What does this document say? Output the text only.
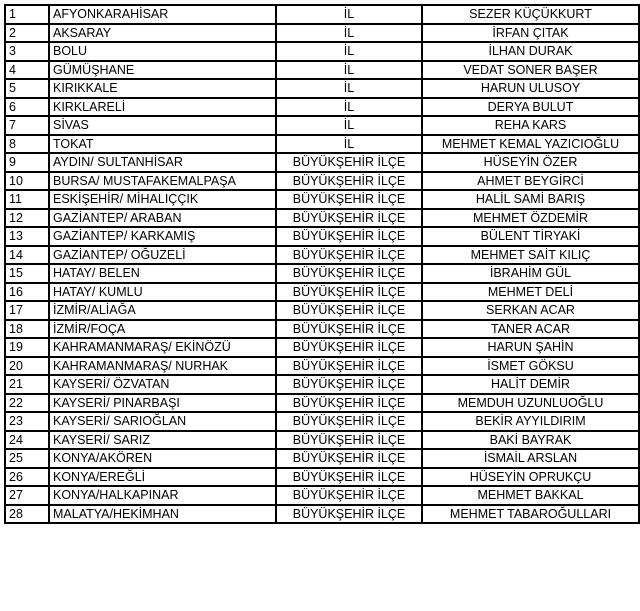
1	AFYONKARAHİSAR	İL	SEZER KÜÇÜKKURT
2	AKSARAY	İL	İRFAN ÇITAK
3	BOLU	İL	İLHAN DURAK
4	GÜMÜŞHANE	İL	VEDAT SONER BAŞER
5	KIRIKKALE	İL	HARUN ULUSOY
6	KIRKLARELİ	İL	DERYA BULUT
7	SİVAS	İL	REHA KARS
8	TOKAT	İL	MEHMET KEMAL YAZICIOĞLU
9	AYDIN/ SULTANHİSAR	BÜYÜKŞEHİR İLÇE	HÜSEYİN ÖZER
10	BURSA/ MUSTAFAKEMALPAŞA	BÜYÜKŞEHİR İLÇE	AHMET BEYGİRCİ
11	ESKİŞEHİR/ MİHALIÇÇIK	BÜYÜKŞEHİR İLÇE	HALİL SAMİ BARIŞ
12	GAZİANTEP/ ARABAN	BÜYÜKŞEHİR İLÇE	MEHMET ÖZDEMİR
13	GAZİANTEP/ KARKAMIŞ	BÜYÜKŞEHİR İLÇE	BÜLENT TİRYAKİ
14	GAZİANTEP/ OĞUZELİ	BÜYÜKŞEHİR İLÇE	MEHMET SAİT KILIÇ
15	HATAY/ BELEN	BÜYÜKŞEHİR İLÇE	İBRAHİM GÜL
16	HATAY/ KUMLU	BÜYÜKŞEHİR İLÇE	MEHMET DELİ
17	İZMİR/ALİAĞA	BÜYÜKŞEHİR İLÇE	SERKAN ACAR
18	İZMİR/FOÇA	BÜYÜKŞEHİR İLÇE	TANER ACAR
19	KAHRAMANMARAŞ/ EKİNÖZÜ	BÜYÜKŞEHİR İLÇE	HARUN ŞAHİN
20	KAHRAMANMARAŞ/ NURHAK	BÜYÜKŞEHİR İLÇE	İSMET GÖKSU
21	KAYSERİ/ ÖZVATAN	BÜYÜKŞEHİR İLÇE	HALİT DEMİR
22	KAYSERİ/ PINARBAŞI	BÜYÜKŞEHİR İLÇE	MEMDUH UZUNLUOĞLU
23	KAYSERİ/ SARIOĞLAN	BÜYÜKŞEHİR İLÇE	BEKİR AYYILDIRIM
24	KAYSERİ/ SARIZ	BÜYÜKŞEHİR İLÇE	BAKİ BAYRAK
25	KONYA/AKÖREN	BÜYÜKŞEHİR İLÇE	İSMAİL ARSLAN
26	KONYA/EREĞLİ	BÜYÜKŞEHİR İLÇE	HÜSEYİN OPRUKÇU
27	KONYA/HALKAPINAR	BÜYÜKŞEHİR İLÇE	MEHMET BAKKAL
28	MALATYA/HEKİMHAN	BÜYÜKŞEHİR İLÇE	MEHMET TABAROĞULLARI
